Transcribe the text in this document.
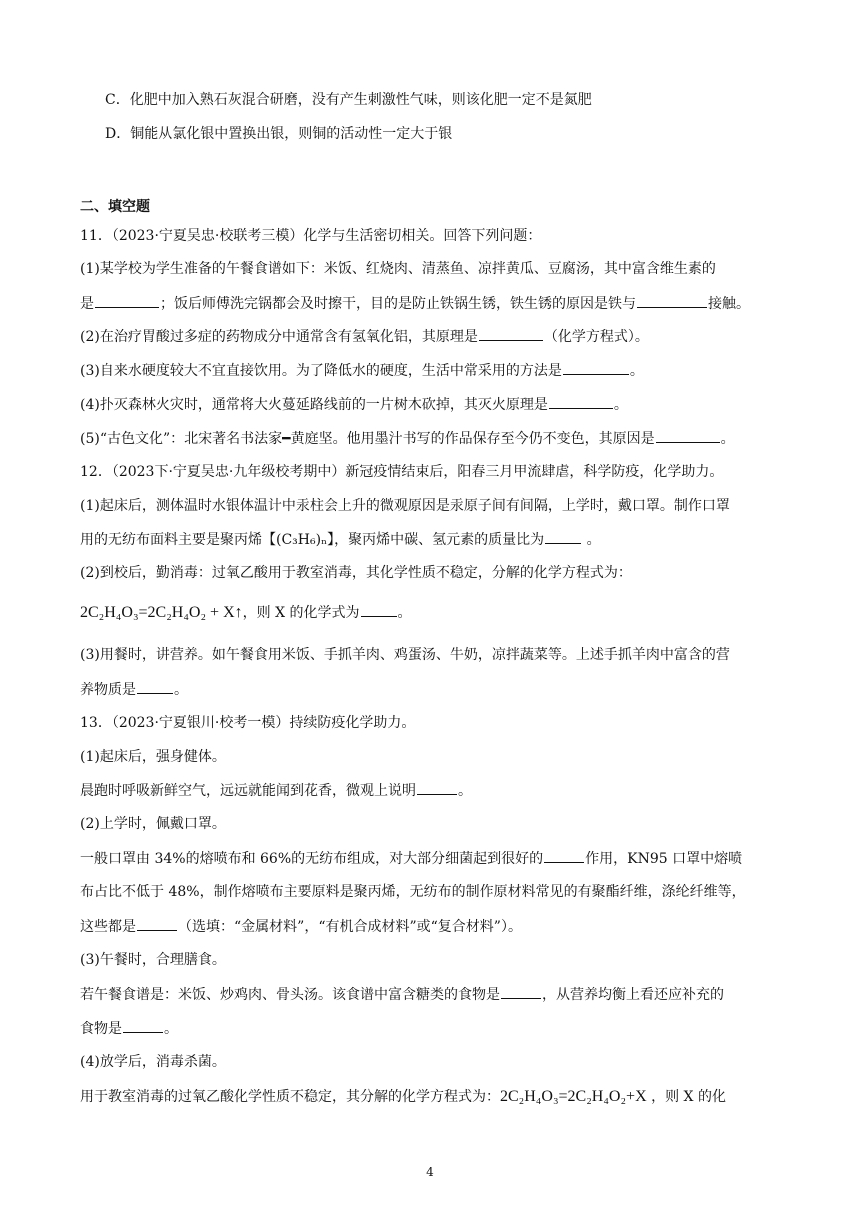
C．化肥中加入熟石灰混合研磨，没有产生刺激性气味，则该化肥一定不是氮肥
D．铜能从氯化银中置换出银，则铜的活动性一定大于银
二、填空题
11．（2023·宁夏吴忠·校联考三模）化学与生活密切相关。回答下列问题：
(1)某学校为学生准备的午餐食谱如下：米饭、红烧肉、清蒸鱼、凉拌黄瓜、豆腐汤，其中富含维生素的
是	；饭后师傅洗完锅都会及时擦干，目的是防止铁锅生锈，铁生锈的原因是铁与	接触。
(2)在治疗胃酸过多症的药物成分中通常含有氢氧化铝，其原理是	（化学方程式）。
(3)自来水硬度较大不宜直接饮用。为了降低水的硬度，生活中常采用的方法是	。
(4)扑灭森林火灾时，通常将大火蔓延路线前的一片树木砍掉，其灭火原理是	。
(5)“古色文化”：北宋著名书法家━黄庭坚。他用墨汁书写的作品保存至今仍不变色，其原因是	。
12．（2023下·宁夏吴忠·九年级校考期中）新冠疫情结束后，阳春三月甲流肆虐，科学防疫，化学助力。
(1)起床后，测体温时水银体温计中汞柱会上升的微观原因是汞原子间有间隔，上学时，戴口罩。制作口罩
用的无纺布面料主要是聚丙烯【(C₃H₆)ₙ】，聚丙烯中碳、氢元素的质量比为	。
(2)到校后，勤消毒：过氧乙酸用于教室消毒，其化学性质不稳定，分解的化学方程式为：
2C₂H₄O₃=2C₂H₄O₂ + X↑，则 X 的化学式为	。
(3)用餐时，讲营养。如午餐食用米饭、手抓羊肉、鸡蛋汤、牛奶，凉拌蔬菜等。上述手抓羊肉中富含的营
养物质是	。
13．（2023·宁夏银川·校考一模）持续防疫化学助力。
(1)起床后，强身健体。
晨跑时呼吸新鲜空气，远远就能闻到花香，微观上说明	。
(2)上学时，佩戴口罩。
一般口罩由 34%的熔喷布和 66%的无纺布组成，对大部分细菌起到很好的	作用，KN95 口罩中熔喷
布占比不低于 48%，制作熔喷布主要原料是聚丙烯，无纺布的制作原材料常见的有聚酯纤维，涤纶纤维等，
这些都是	（选填：“金属材料”，“有机合成材料”或“复合材料”）。
(3)午餐时，合理膳食。
若午餐食谱是：米饭、炒鸡肉、骨头汤。该食谱中富含糖类的食物是	，从营养均衡上看还应补充的
食物是	。
(4)放学后，消毒杀菌。
用于教室消毒的过氧乙酸化学性质不稳定，其分解的化学方程式为：2C₂H₄O₃=2C₂H₄O₂+X ，则 X 的化
4
